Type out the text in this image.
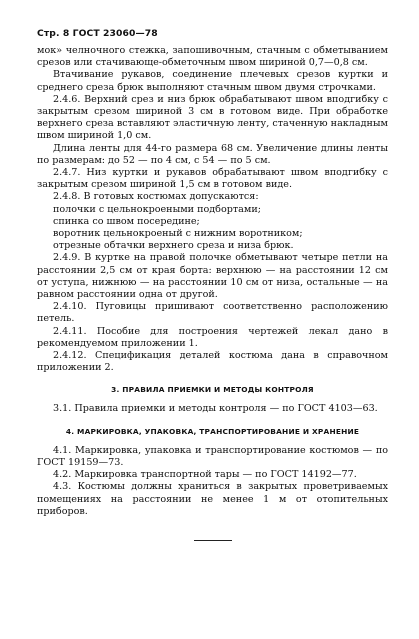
Стр. 8 ГОСТ 23060—78

мок» челночного стежка, запошивочным, стачным с обметыванием срезов или стачивающе-обметочным швом шириной 0,7—0,8 см.

Втачивание рукавов, соединение плечевых срезов куртки и среднего среза брюк выполняют стачным швом двумя строчками.

2.4.6. Верхний срез и низ брюк обрабатывают швом вподгибку с закрытым срезом шириной 3 см в готовом виде. При обработке верхнего среза вставляют эластичную ленту, стаченную накладным швом шириной 1,0 см.

Длина ленты для 44-го размера 68 см. Увеличение длины ленты по размерам: до 52 — по 4 см, с 54 — по 5 см.

2.4.7. Низ куртки и рукавов обрабатывают швом вподгибку с закрытым срезом шириной 1,5 см в готовом виде.

2.4.8. В готовых костюмах допускаются:

полочки с цельнокроеными подбортами;

спинка со швом посередине;

воротник цельнокроеный с нижним воротником;

отрезные обтачки верхнего среза и низа брюк.

2.4.9. В куртке на правой полочке обметывают четыре петли на расстоянии 2,5 см от края борта: верхнюю — на расстоянии 12 см от уступа, нижнюю — на расстоянии 10 см от низа, остальные — на равном расстоянии одна от другой.

2.4.10. Пуговицы пришивают соответственно расположению петель.

2.4.11. Пособие для построения чертежей лекал дано в рекомендуемом приложении 1.

2.4.12. Спецификация деталей костюма дана в справочном приложении 2.

3. ПРАВИЛА ПРИЕМКИ И МЕТОДЫ КОНТРОЛЯ

3.1. Правила приемки и методы контроля — по ГОСТ 4103—63.

4. МАРКИРОВКА, УПАКОВКА, ТРАНСПОРТИРОВАНИЕ И ХРАНЕНИЕ

4.1. Маркировка, упаковка и транспортирование костюмов — по ГОСТ 19159—73.

4.2. Маркировка транспортной тары — по ГОСТ 14192—77.

4.3. Костюмы должны храниться в закрытых проветриваемых помещениях на расстоянии не менее 1 м от отопительных приборов.
